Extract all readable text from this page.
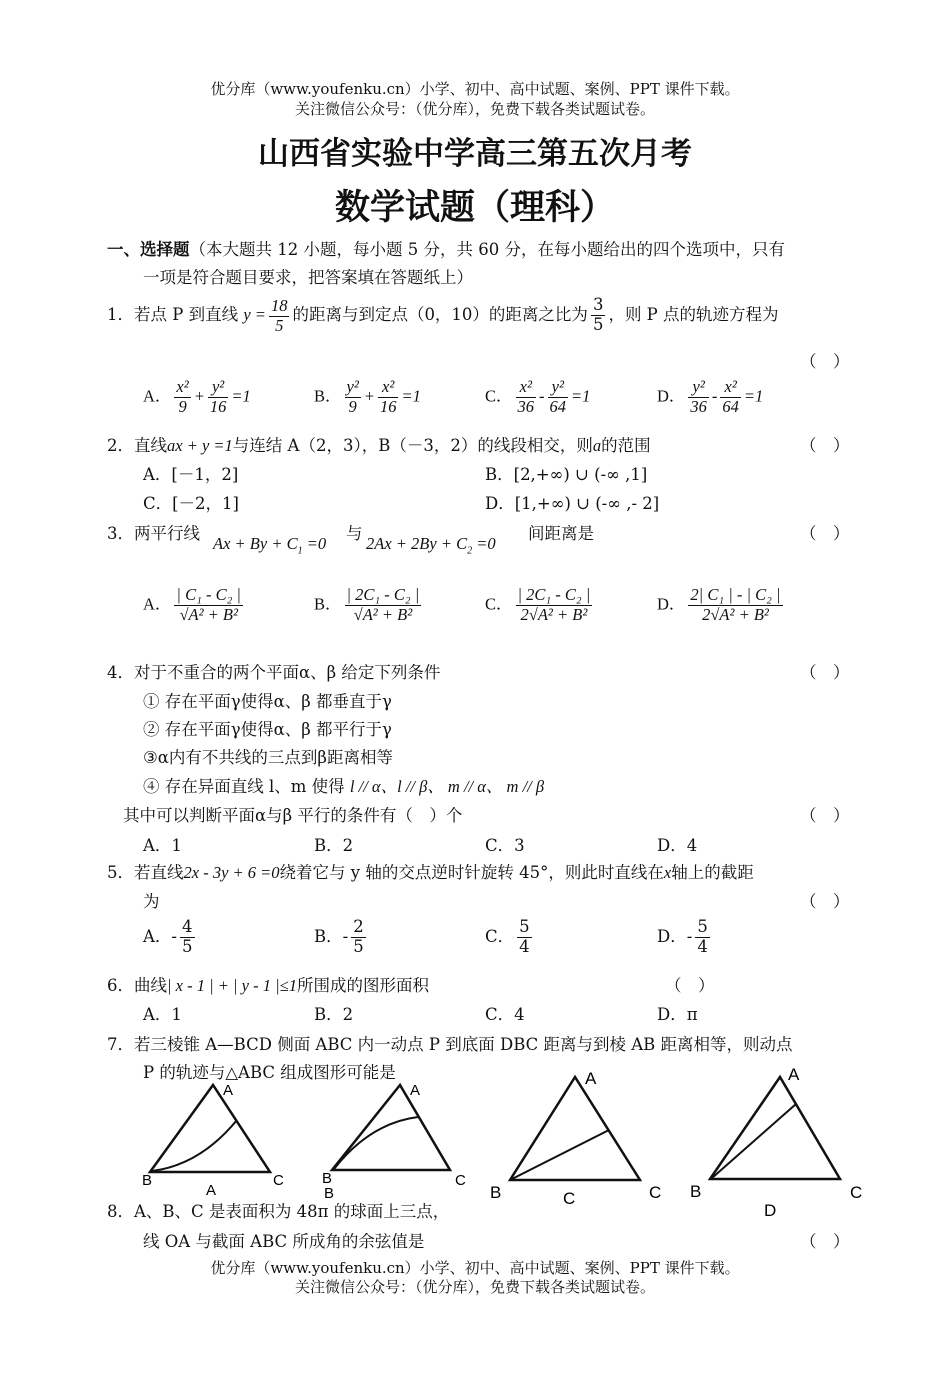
优分库（www.youfenku.cn）小学、初中、高中试题、案例、PPT 课件下载。
关注微信公众号：（优分库），免费下载各类试题试卷。
山西省实验中学高三第五次月考
数学试题（理科）
一、选择题（本大题共 12 小题，每小题 5 分，共 60 分，在每小题给出的四个选项中，只有
一项是符合题目要求，把答案填在答题纸上）
1．若点 P 到直线 $y = \frac{18}{5}$ 的距离与到定点（0，10）的距离之比为 $\frac{3}{5}$ ，则 P 点的轨迹方程为
（　）
A． $\frac{\text{x²}}{9} + \frac{\text{y²}}{16} =1$	B． $\frac{\text{y²}}{9} + \frac{\text{x²}}{16} =1$	C． $\frac{\text{x²}}{36} - \frac{\text{y²}}{64} =1$	D． $\frac{\text{y²}}{36} - \frac{\text{x²}}{64} =1$
2．直线ax + y =1与连结 A（2，3），B（－3，2）的线段相交，则a的范围	（　）
A．[－1，2]	B．[2,+∞) ∪ (-∞ ,1]
C．[－2，1]	D．[1,+∞) ∪ (-∞ ,- 2]
3．两平行线
$Ax + By + C_1 =0$
与
$2Ax + 2By + C_2 =0$
间距离是	（　）
A． $\frac{\text{| C₁ - C₂ |}}{\text{√A² + B²}}$	B． $\frac{\text{| 2C₁ - C₂ |}}{\text{√A² + B²}}$	C． $\frac{\text{| 2C₁ - C₂ |}}{\text{2√A² + B²}}$	D． $\frac{\text{2| C₁ | - | C₂ |}}{\text{2√A² + B²}}$
4．对于不重合的两个平面α、β 给定下列条件	（　）
① 存在平面γ使得α、β 都垂直于γ
② 存在平面γ使得α、β 都平行于γ
③α内有不共线的三点到β距离相等
④ 存在异面直线 l、m 使得 l // α、l // β、 m // α、 m // β
其中可以判断平面α与β 平行的条件有（　）个	（　）
A．1	B．2	C．3	D．4
5．若直线2x - 3y + 6 =0绕着它与 y 轴的交点逆时针旋转 45°，则此时直线在x轴上的截距
为	（　）
A．- $\frac{4}{5}$	B．- $\frac{2}{5}$	C． $\frac{5}{4}$	D．- $\frac{5}{4}$
6．曲线| x - 1 | + | y - 1 |≤1所围成的图形面积	（　）
A．1	B．2	C．4	D．π
7．若三棱锥 A—BCD 侧面 ABC 内一动点 P 到底面 DBC 距离与到棱 AB 距离相等，则动点
P 的轨迹与△ABC 组成图形可能是
A
B	C
A
A
B	C
B
A
B	C
C
A
B	C
D
8．A、B、C 是表面积为 48π 的球面上三点，
线 OA 与截面 ABC 所成角的余弦值是	（　）
优分库（www.youfenku.cn）小学、初中、高中试题、案例、PPT 课件下载。
关注微信公众号：（优分库），免费下载各类试题试卷。
